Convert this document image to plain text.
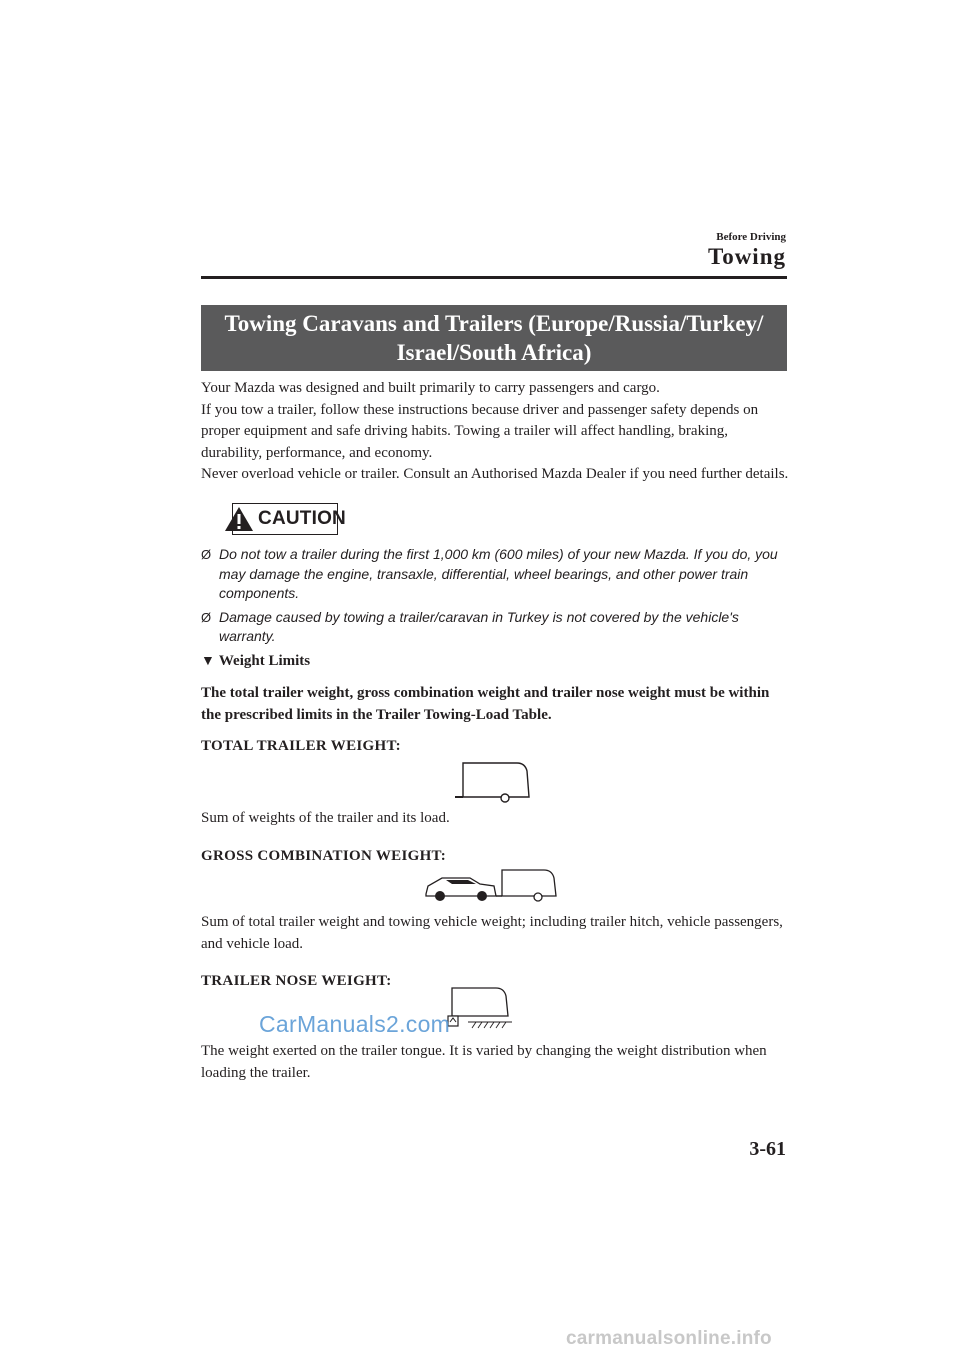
Before Driving
Towing
Towing Caravans and Trailers (Europe/Russia/Turkey/
Israel/South Africa)

Your Mazda was designed and built primarily to carry passengers and cargo.

If you tow a trailer, follow these instructions because driver and passenger safety depends on proper equipment and safe driving habits. Towing a trailer will affect handling, braking, durability, performance, and economy.

Never overload vehicle or trailer. Consult an Authorised Mazda Dealer if you need further details.

CAUTION
Ø Do not tow a trailer during the first 1,000 km (600 miles) of your new Mazda. If you do, you may damage the engine, transaxle, differential, wheel bearings, and other power train components.
Ø Damage caused by towing a trailer/caravan in Turkey is not covered by the vehicle's warranty.
▼ Weight Limits
The total trailer weight, gross combination weight and trailer nose weight must be within the prescribed limits in the Trailer Towing-Load Table.
TOTAL TRAILER WEIGHT:
Sum of weights of the trailer and its load.
GROSS COMBINATION WEIGHT:
Sum of total trailer weight and towing vehicle weight; including trailer hitch, vehicle passengers, and vehicle load.
TRAILER NOSE WEIGHT:
CarManuals2.com
The weight exerted on the trailer tongue. It is varied by changing the weight distribution when loading the trailer.
3-61
carmanualsonline.info
